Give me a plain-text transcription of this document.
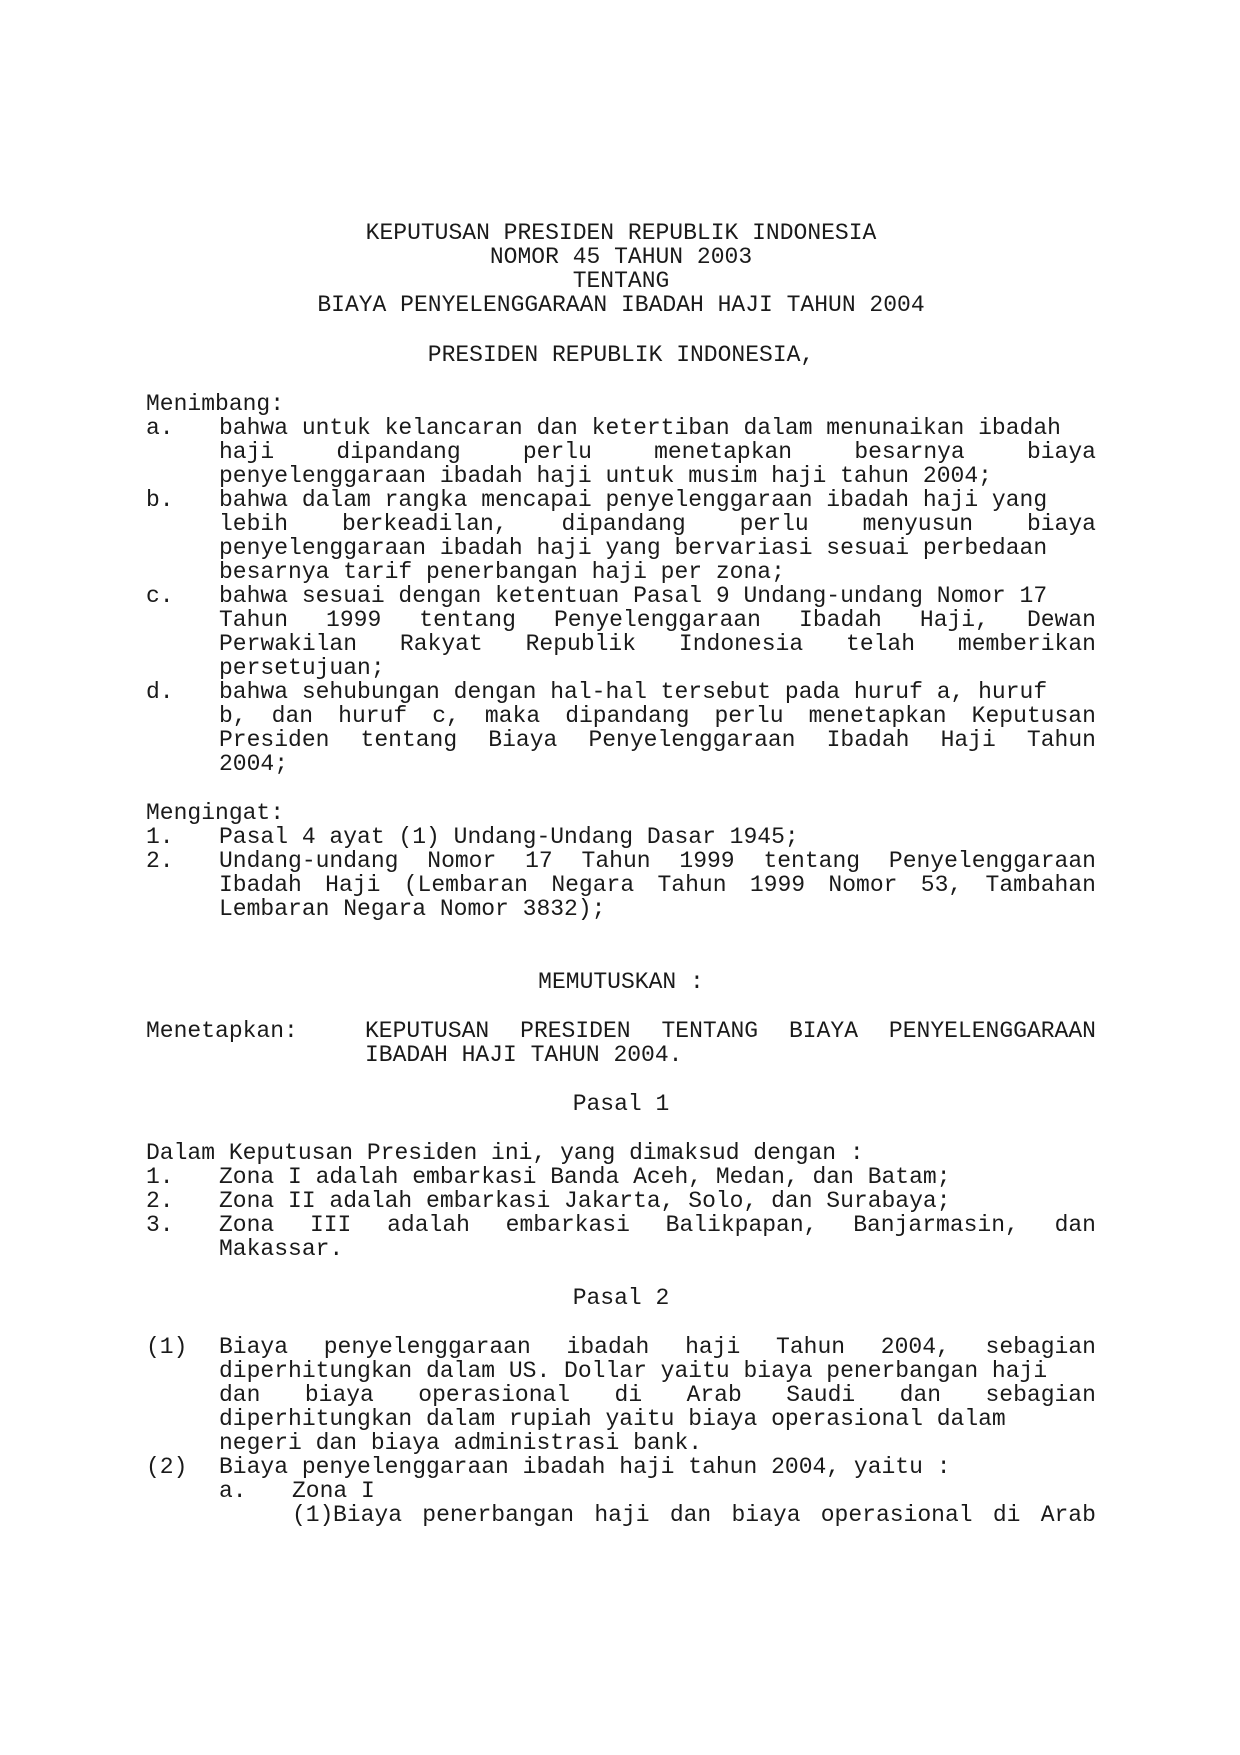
KEPUTUSAN PRESIDEN REPUBLIK INDONESIA
NOMOR 45 TAHUN 2003
TENTANG
BIAYA PENYELENGGARAAN IBADAH HAJI TAHUN 2004
PRESIDEN REPUBLIK INDONESIA,
Menimbang:
a. bahwa untuk kelancaran dan ketertiban dalam menunaikan ibadah
haji	dipandang	perlu	menetapkan	besarnya	biaya
penyelenggaraan ibadah haji untuk musim haji tahun 2004;
b. bahwa dalam rangka mencapai penyelenggaraan ibadah haji yang
lebih berkeadilan, dipandang perlu menyusun biaya
penyelenggaraan ibadah haji yang bervariasi sesuai perbedaan
besarnya tarif penerbangan haji per zona;
c. bahwa sesuai dengan ketentuan Pasal 9 Undang-undang Nomor 17
Tahun 1999 tentang Penyelenggaraan Ibadah Haji, Dewan
Perwakilan Rakyat Republik Indonesia telah memberikan
persetujuan;
d. bahwa sehubungan dengan hal-hal tersebut pada huruf a, huruf
b, dan huruf c, maka dipandang perlu menetapkan Keputusan
Presiden tentang Biaya Penyelenggaraan Ibadah Haji Tahun
2004;
Mengingat:
1. Pasal 4 ayat (1) Undang-Undang Dasar 1945;
2. Undang-undang Nomor 17 Tahun 1999 tentang Penyelenggaraan
Ibadah Haji (Lembaran Negara Tahun 1999 Nomor 53, Tambahan
Lembaran Negara Nomor 3832);
MEMUTUSKAN :
Menetapkan:	KEPUTUSAN PRESIDEN TENTANG BIAYA PENYELENGGARAAN
IBADAH HAJI TAHUN 2004.
Pasal 1
Dalam Keputusan Presiden ini, yang dimaksud dengan :
1. Zona I adalah embarkasi Banda Aceh, Medan, dan Batam;
2. Zona II adalah embarkasi Jakarta, Solo, dan Surabaya;
3. Zona III adalah embarkasi Balikpapan, Banjarmasin, dan
Makassar.
Pasal 2
(1) Biaya penyelenggaraan ibadah haji Tahun 2004, sebagian
diperhitungkan dalam US. Dollar yaitu biaya penerbangan haji
dan biaya operasional di Arab Saudi dan sebagian
diperhitungkan dalam rupiah yaitu biaya operasional dalam
negeri dan biaya administrasi bank.
(2) Biaya penyelenggaraan ibadah haji tahun 2004, yaitu :
a. Zona I
(1) Biaya penerbangan haji dan biaya operasional di Arab
